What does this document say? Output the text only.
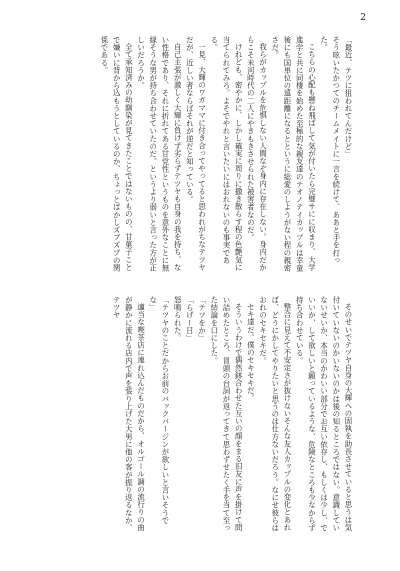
2

「最近、テツに狙われてんだけど」

そう呟いたかつてのチームメイトに一言を続けて、ああと手を打った。

こちらの心配も懸ね飛ばして気が付いたら完璧サにに収まり、大学進学と共に同棲を始めた至極的な親友達のテオノテイカップルは幸童後にも国単位の遠距離になるとというに総愛のしようがない程の親密さだ。

我らがカップルを危惧しない人間なぞ身内に存在しない。身内だからこそ米河時代の二人にやきもきさせられた被害者なのだ。

けれども、密やかに、しかし確実に周りに撒き散らす程の色艶気に当てられてみろ。よそでやれと言いたいにはおれないのも事実である。

一見、大輝のワガママに付き合ってやってると思われがちなテツヤだが、近しい者ならばそれが逆だと知っている。

自己主張が激しく大輝に負けず劣らずテツヤも自身の我を持ち、ない性格であり、それに折れてある甘党性というものを意外なことに無縁そうな男が持ち合わせていたのだ。というより弱いと言った方が正しいだろうか。

全て承知済みの幼馴染が見てきたことではないものの、甘菓子ことで嫌いに背から込もうとしているのか、ちょっとばかしズブズブの関係である。

そのせいでテツヤ自身の大輝への固執を助長させていると思うは気付いていないのかいないのかは後の知るところではない。意識していないせいか、本当のかわいい部分でお互い依存し、もしくは少し、でいいか、して欲しいと願っているような、危険なところも少なからず持ち合わせている。

整合に見えて不安定さが抜けないそんな友人カップルの変化とあれば、どうにかしてやりたいと思うのは仕方ないだろう。なにせ彼らはおれのセキセキだ。

セキ達だ。僕のセキセキだ。

そういうわけで偶然鉢合わせた互いの顔をまる旧友に声を掛けて問い詰めたところ、冒頭の台詞が返ってきて思わずせたく手を当て至った結論を口にした。

「テツをか」

「らげー日」

怒鳴られた。

「テツヤのことだからお前のバックバージンが欲しいと言いそうでな」

適当な喫茶店に連れ込んだものだから、オルゴール調の流行りの曲が静かに流れる店内で声を張り上げた大男に他の客が振り返るなか、テツヤ
